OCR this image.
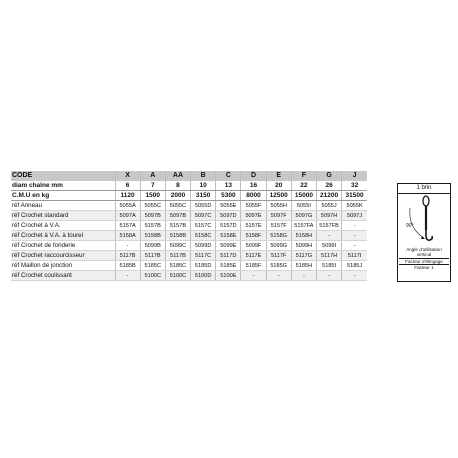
CODE	X	A	AA	B	C	D	E	F	G	J
diam chaîne mm	6	7	8	10	13	16	20	22	26	32
C.M.U en kg	1120	1500	2000	3150	5300	8000	12500	15000	21200	31500
réf Anneau	5055A	5055C	5055C	5055D	5055E	5055F	5055H	5055I	5055J	5055K
réf Crochet standard	5097A	5097B	5097B	5097C	5097D	5097E	5097F	5097G	5097H	5097J
réf Crochet à V.A.	5157A	5157B	5157B	5157C	5157D	5157E	5157F	5157FA	5157FB	-
réf Crochet à V.A. à tourel	5158A	5158B	5158B	5158C	5158E	5158F	5158G	5158H	-	-
réf Crochet de fonderie	-	5099B	5099C	5099D	5099E	5099F	5099G	5099H	5099I	-
réf Crochet raccourcisseur	5117B	5117B	5117B	5117C	5117D	5117E	5117F	5117G	5117H	5117I
réf Maillon de jonction	5185B	5185C	5185C	5185D	5185E	5185F	5185G	5185H	5185I	5185J
réf Crochet coulissant	-	5100C	5100C	5100D	5100E	-	-	-	-	-
1 brin
90°
Angle d'utilisation
vertical
Facteur d'élingage
Facteur 1
